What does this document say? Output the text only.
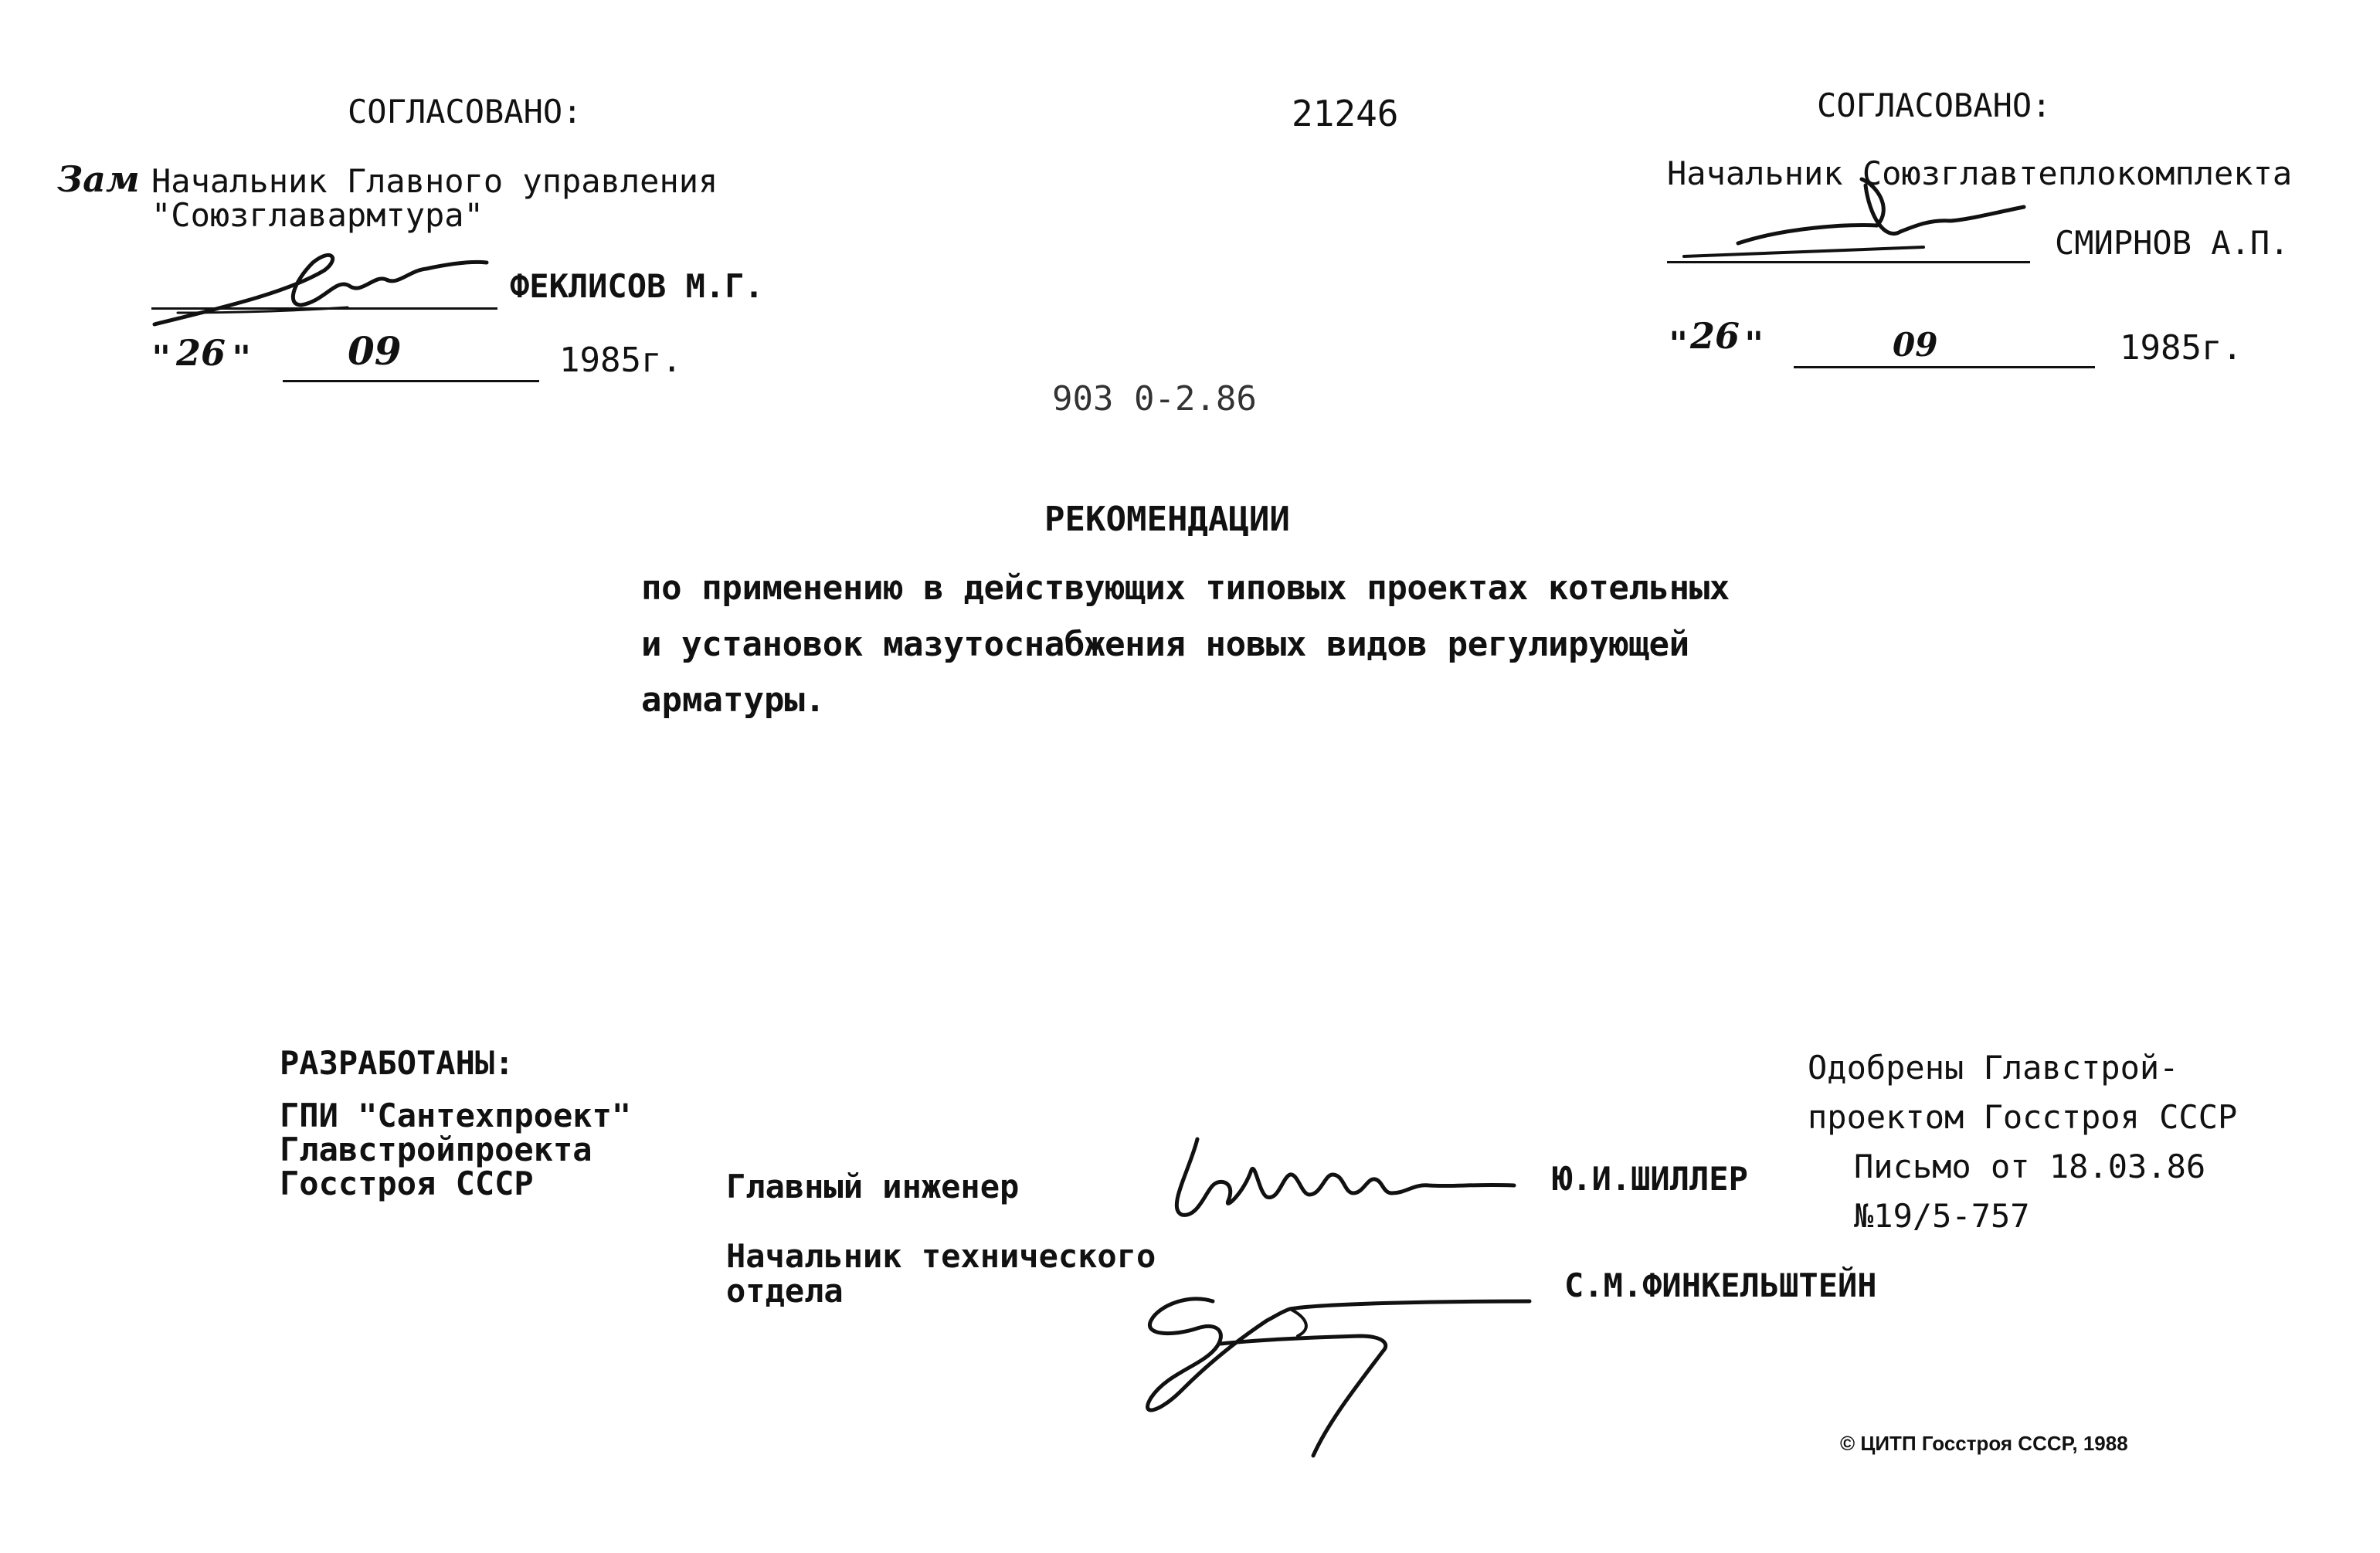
21246
903 0-2.86
СОГЛАСОВАНО:
Зам Начальник Главного управления
"Союзглавармтура"
ФЕКЛИСОВ М.Г.
" 26 " 09	1985г.
СОГЛАСОВАНО:
Начальник Союзглавтеплокомплекта
СМИРНОВ А.П.
" 26 "	09	1985г.
РЕКОМЕНДАЦИИ
по применению в действующих типовых проектах котельных
и установок мазутоснабжения новых видов регулирующей
арматуры.
РАЗРАБОТАНЫ:
ГПИ "Сантехпроект"
Главстройпроекта
Госстроя СССР	Главный инженер	Ю.И.ШИЛЛЕР
Начальник технического
отдела	С.М.ФИНКЕЛЬШТЕЙН
Одобрены Главстрой-
проектом Госстроя СССР
Письмо от 18.03.86
№19/5-757
© ЦИТП Госстроя СССР, 1988
